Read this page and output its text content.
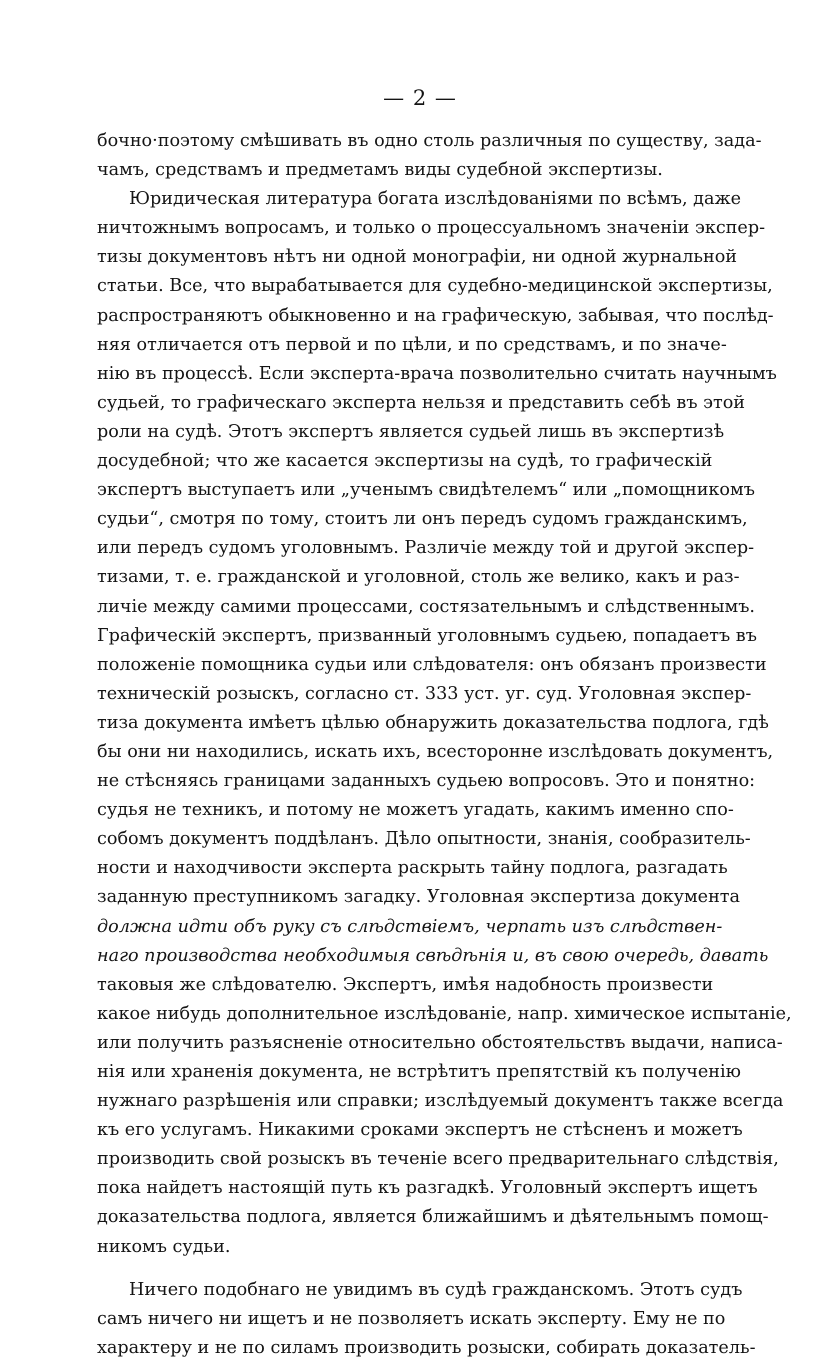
— 2 —
бочно·поэтому смѣшивать въ одно столь различныя по существу, зада-
чамъ, средствамъ и предметамъ виды судебной экспертизы.
Юридическая литература богата изслѣдованіями по всѣмъ, даже
ничтожнымъ вопросамъ, и только о процессуальномъ значеніи экспер-
тизы документовъ нѣтъ ни одной монографіи, ни одной журнальной
статьи. Все, что вырабатывается для судебно-медицинской экспертизы,
распространяютъ обыкновенно и на графическую, забывая, что послѣд-
няя отличается отъ первой и по цѣли, и по средствамъ, и по значе-
нію въ процессѣ. Если эксперта-врача позволительно считать научнымъ
судьей, то графическаго эксперта нельзя и представить себѣ въ этой
роли на судѣ. Этотъ экспертъ является судьей лишь въ экспертизѣ
досудебной; что же касается экспертизы на судѣ, то графическій
экспертъ выступаетъ или „ученымъ свидѣтелемъ“ или „помощникомъ
судьи“, смотря по тому, стоитъ ли онъ передъ судомъ гражданскимъ,
или передъ судомъ уголовнымъ. Различіе между той и другой экспер-
тизами, т. е. гражданской и уголовной, столь же велико, какъ и раз-
личіе между самими процессами, состязательнымъ и слѣдственнымъ.
Графическій экспертъ, призванный уголовнымъ судьею, попадаетъ въ
положеніе помощника судьи или слѣдователя: онъ обязанъ произвести
техническій розыскъ, согласно ст. 333 уст. уг. суд. Уголовная экспер-
тиза документа имѣетъ цѣлью обнаружить доказательства подлога, гдѣ
бы они ни находились, искать ихъ, всесторонне изслѣдовать документъ,
не стѣсняясь границами заданныхъ судьею вопросовъ. Это и понятно:
судья не техникъ, и потому не можетъ угадать, какимъ именно спо-
собомъ документъ поддѣланъ. Дѣло опытности, знанія, сообразитель-
ности и находчивости эксперта раскрыть тайну подлога, разгадать
заданную преступникомъ загадку. Уголовная экспертиза документа
должна идти объ руку съ слѣдствіемъ, черпать изъ слѣдствен-
наго производства необходимыя свѣдѣнія и, въ свою очередь, давать
таковыя же слѣдователю. Экспертъ, имѣя надобность произвести
какое нибудь дополнительное изслѣдованіе, напр. химическое испытаніе,
или получить разъясненіе относительно обстоятельствъ выдачи, написа-
нія или храненія документа, не встрѣтитъ препятствій къ полученію
нужнаго разрѣшенія или справки; изслѣдуемый документъ также всегда
къ его услугамъ. Никакими сроками экспертъ не стѣсненъ и можетъ
производить свой розыскъ въ теченіе всего предварительнаго слѣдствія,
пока найдетъ настоящій путь къ разгадкѣ. Уголовный экспертъ ищетъ
доказательства подлога, является ближайшимъ и дѣятельнымъ помощ-
никомъ судьи.
Ничего подобнаго не увидимъ въ судѣ гражданскомъ. Этотъ судъ
самъ ничего ни ищетъ и не позволяетъ искать эксперту. Ему не по
характеру и не по силамъ производить розыски, собирать доказатель-
